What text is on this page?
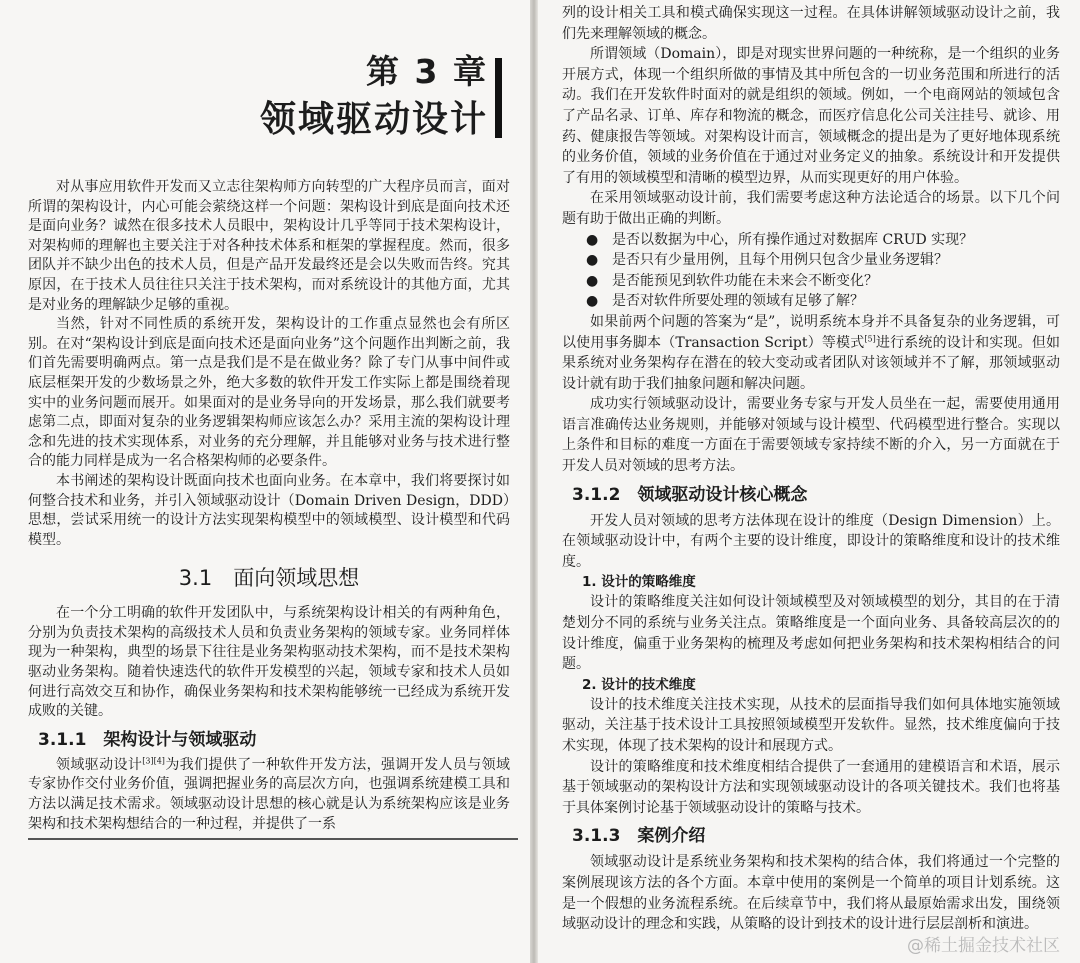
第 3 章
领域驱动设计

对从事应用软件开发而又立志往架构师方向转型的广大程序员而言，面对所谓的架构设计，内心可能会萦绕这样一个问题：架构设计到底是面向技术还是面向业务？诚然在很多技术人员眼中，架构设计几乎等同于技术架构设计，对架构师的理解也主要关注于对各种技术体系和框架的掌握程度。然而，很多团队并不缺少出色的技术人员，但是产品开发最终还是会以失败而告终。究其原因，在于技术人员往往只关注于技术架构，而对系统设计的其他方面，尤其是对业务的理解缺少足够的重视。

当然，针对不同性质的系统开发，架构设计的工作重点显然也会有所区别。在对“架构设计到底是面向技术还是面向业务”这个问题作出判断之前，我们首先需要明确两点。第一点是我们是不是在做业务？除了专门从事中间件或底层框架开发的少数场景之外，绝大多数的软件开发工作实际上都是围绕着现实中的业务问题而展开。如果面对的是业务导向的开发场景，那么我们就要考虑第二点，即面对复杂的业务逻辑架构师应该怎么办？采用主流的架构设计理念和先进的技术实现体系，对业务的充分理解，并且能够对业务与技术进行整合的能力同样是成为一名合格架构师的必要条件。

本书阐述的架构设计既面向技术也面向业务。在本章中，我们将要探讨如何整合技术和业务，并引入领域驱动设计（Domain Driven Design，DDD）思想，尝试采用统一的设计方法实现架构模型中的领域模型、设计模型和代码模型。

3.1　面向领域思想

在一个分工明确的软件开发团队中，与系统架构设计相关的有两种角色，分别为负责技术架构的高级技术人员和负责业务架构的领域专家。业务同样体现为一种架构，典型的场景下往往是业务架构驱动技术架构，而不是技术架构驱动业务架构。随着快速迭代的软件开发模型的兴起，领域专家和技术人员如何进行高效交互和协作，确保业务架构和技术架构能够统一已经成为系统开发成败的关键。

3.1.1　架构设计与领域驱动

领域驱动设计[3][4]为我们提供了一种软件开发方法，强调开发人员与领域专家协作交付业务价值，强调把握业务的高层次方向，也强调系统建模工具和方法以满足技术需求。领域驱动设计思想的核心就是认为系统架构应该是业务架构和技术架构想结合的一种过程，并提供了一系

列的设计相关工具和模式确保实现这一过程。在具体讲解领域驱动设计之前，我们先来理解领域的概念。

所谓领域（Domain），即是对现实世界问题的一种统称，是一个组织的业务开展方式，体现一个组织所做的事情及其中所包含的一切业务范围和所进行的活动。我们在开发软件时面对的就是组织的领域。例如，一个电商网站的领域包含了产品名录、订单、库存和物流的概念，而医疗信息化公司关注挂号、就诊、用药、健康报告等领域。对架构设计而言，领域概念的提出是为了更好地体现系统的业务价值，领域的业务价值在于通过对业务定义的抽象。系统设计和开发提供了有用的领域模型和清晰的模型边界，从而实现更好的用户体验。

在采用领域驱动设计前，我们需要考虑这种方法论适合的场景。以下几个问题有助于做出正确的判断。

● 是否以数据为中心，所有操作通过对数据库 CRUD 实现？
● 是否只有少量用例，且每个用例只包含少量业务逻辑？
● 是否能预见到软件功能在未来会不断变化？
● 是否对软件所要处理的领域有足够了解？

如果前两个问题的答案为“是”，说明系统本身并不具备复杂的业务逻辑，可以使用事务脚本（Transaction Script）等模式[5]进行系统的设计和实现。但如果系统对业务架构存在潜在的较大变动或者团队对该领域并不了解，那领域驱动设计就有助于我们抽象问题和解决问题。

成功实行领域驱动设计，需要业务专家与开发人员坐在一起，需要使用通用语言准确传达业务规则，并能够对领域与设计模型、代码模型进行整合。实现以上条件和目标的难度一方面在于需要领域专家持续不断的介入，另一方面就在于开发人员对领域的思考方法。

3.1.2　领域驱动设计核心概念

开发人员对领域的思考方法体现在设计的维度（Design Dimension）上。在领域驱动设计中，有两个主要的设计维度，即设计的策略维度和设计的技术维度。

1. 设计的策略维度

设计的策略维度关注如何设计领域模型及对领域模型的划分，其目的在于清楚划分不同的系统与业务关注点。策略维度是一个面向业务、具备较高层次的的设计维度，偏重于业务架构的梳理及考虑如何把业务架构和技术架构相结合的问题。

2. 设计的技术维度

设计的技术维度关注技术实现，从技术的层面指导我们如何具体地实施领域驱动，关注基于技术设计工具按照领域模型开发软件。显然，技术维度偏向于技术实现，体现了技术架构的设计和展现方式。

设计的策略维度和技术维度相结合提供了一套通用的建模语言和术语，展示基于领域驱动的架构设计方法和实现领域驱动设计的各项关键技术。我们也将基于具体案例讨论基于领域驱动设计的策略与技术。

3.1.3　案例介绍

领域驱动设计是系统业务架构和技术架构的结合体，我们将通过一个完整的案例展现该方法的各个方面。本章中使用的案例是一个简单的项目计划系统。这是一个假想的业务流程系统。在后续章节中，我们将从最原始需求出发，围绕领域驱动设计的理念和实践，从策略的设计到技术的设计进行层层剖析和演进。

@稀土掘金技术社区
